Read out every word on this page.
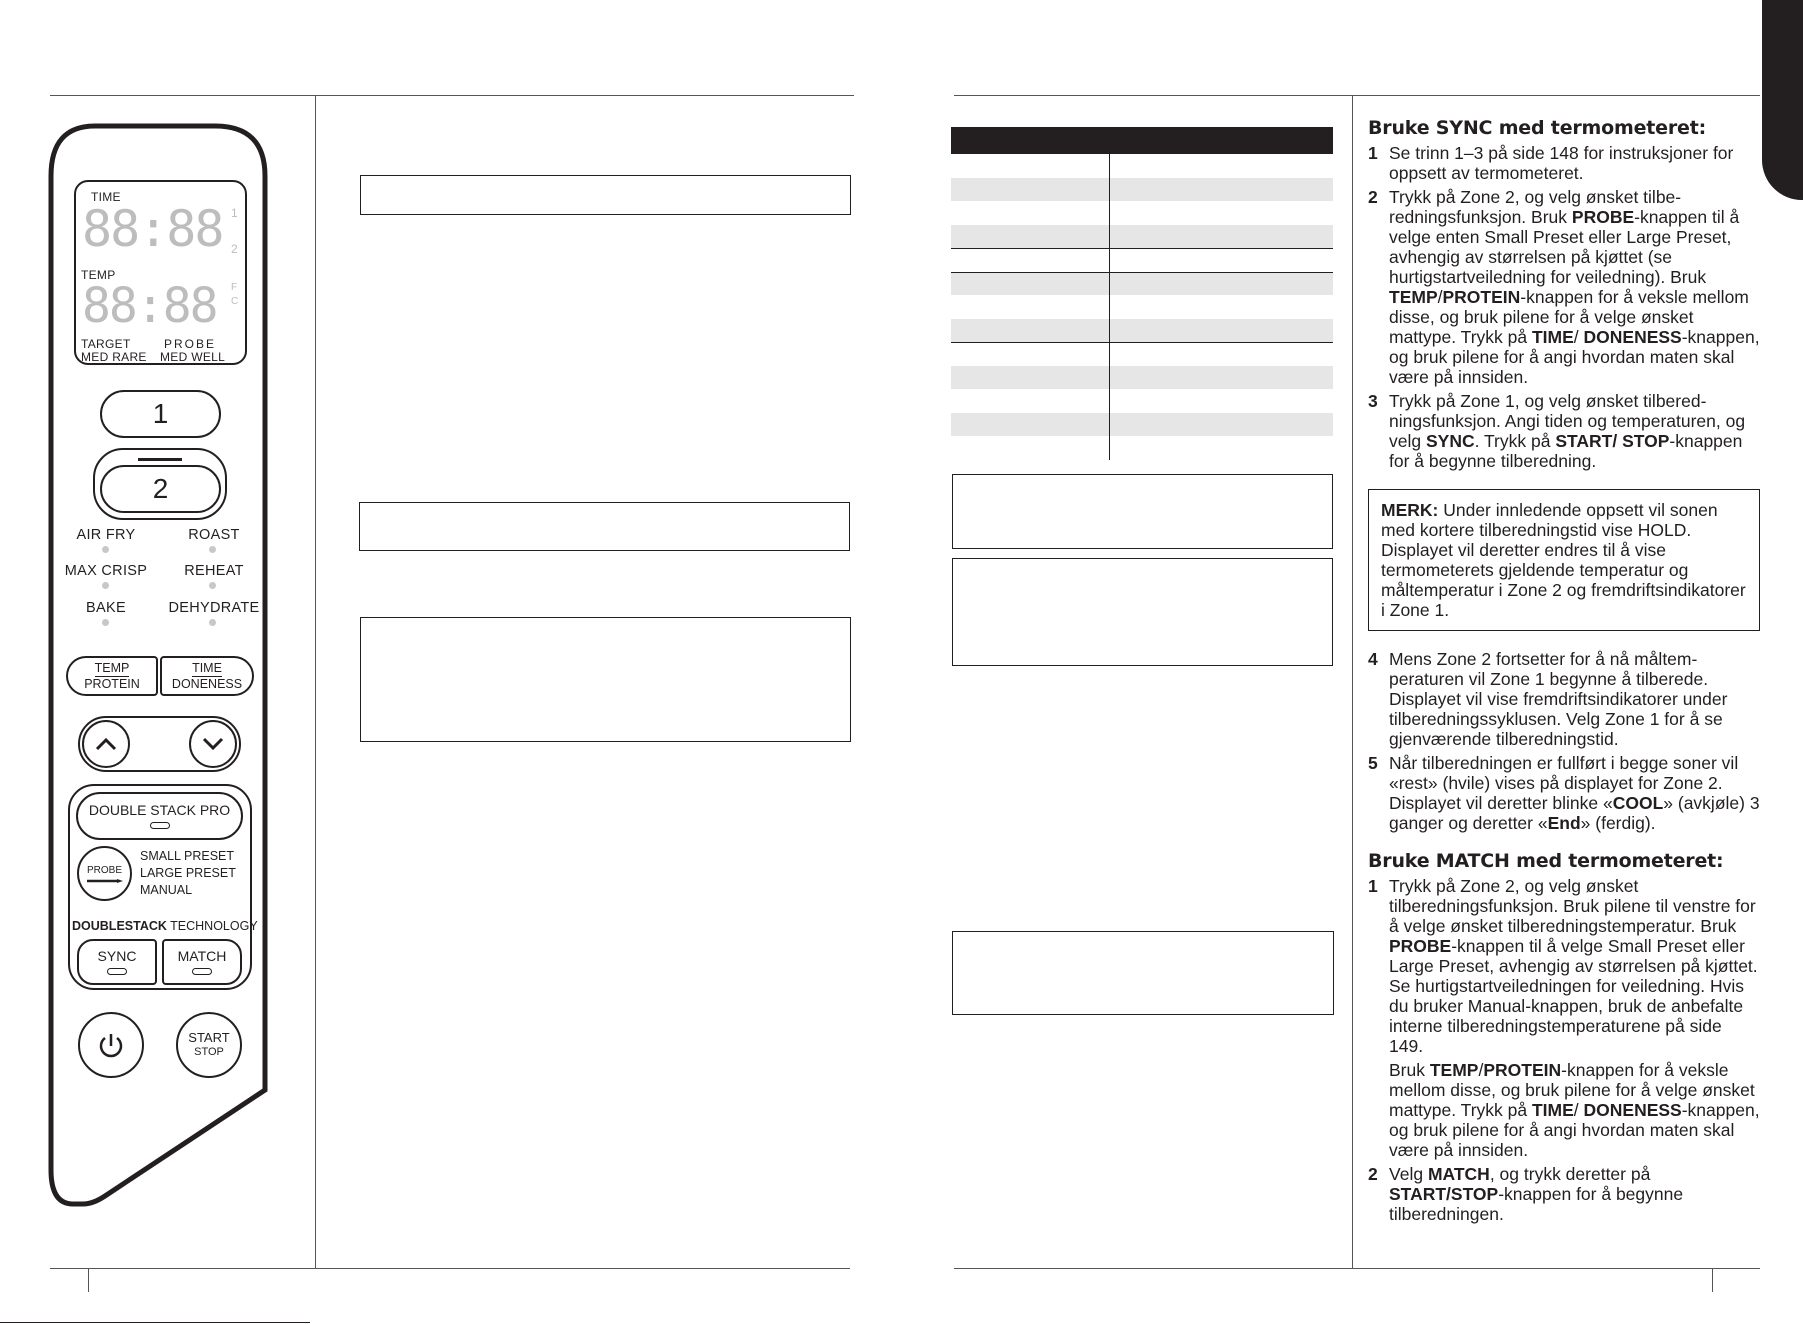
TIME
88:88 1
2
TEMP
88:88 F
C
TARGET	PROBE
MED RARE MED WELL
1
2
AIR FRY	ROAST
MAX CRISP	REHEAT
BAKE	DEHYDRATE
TEMP
PROTEIN
TIME
DONENESS
DOUBLE STACK PRO
PROBE
SMALL PRESET
LARGE PRESET
MANUAL
DOUBLESTACK TECHNOLOGY
SYNC	MATCH
START
STOP
Bruke SYNC med termometeret:
1 Se trinn 1–3 på side 148 for instruksjoner for oppsett av termometeret.
2 Trykk på Zone 2, og velg ønsket tilberedningsfunksjon. Bruk PROBE-knappen til å velge enten Small Preset eller Large Preset, avhengig av størrelsen på kjøttet (se hurtigstartveiledning for veiledning). Bruk TEMP/PROTEIN-knappen for å veksle mellom disse, og bruk pilene for å velge ønsket mattype. Trykk på TIME/ DONENESS-knappen, og bruk pilene for å angi hvordan maten skal være på innsiden.
3 Trykk på Zone 1, og velg ønsket tilberedningsfunksjon. Angi tiden og temperaturen, og velg SYNC. Trykk på START/ STOP-knappen for å begynne tilberedning.
MERK: Under innledende oppsett vil sonen med kortere tilberedningstid vise HOLD. Displayet vil deretter endres til å vise termometerets gjeldende temperatur og måltemperatur i Zone 2 og fremdriftsindikatorer i Zone 1.
4 Mens Zone 2 fortsetter for å nå måltemperaturen vil Zone 1 begynne å tilberede. Displayet vil vise fremdriftsindikatorer under tilberedningssyklusen. Velg Zone 1 for å se gjenværende tilberedningstid.
5 Når tilberedningen er fullført i begge soner vil «rest» (hvile) vises på displayet for Zone 2. Displayet vil deretter blinke «COOL» (avkjøle) 3 ganger og deretter «End» (ferdig).
Bruke MATCH med termometeret:
1 Trykk på Zone 2, og velg ønsket tilberedningsfunksjon. Bruk pilene til venstre for å velge ønsket tilberedningstemperatur. Bruk PROBE-knappen til å velge Small Preset eller Large Preset, avhengig av størrelsen på kjøttet. Se hurtigstartveiledningen for veiledning. Hvis du bruker Manual-knappen, bruk de anbefalte interne tilberedningstemperaturene på side 149.
Bruk TEMP/PROTEIN-knappen for å veksle mellom disse, og bruk pilene for å velge ønsket mattype. Trykk på TIME/ DONENESS-knappen, og bruk pilene for å angi hvordan maten skal være på innsiden.
2 Velg MATCH, og trykk deretter på START/STOP-knappen for å begynne tilberedningen.
